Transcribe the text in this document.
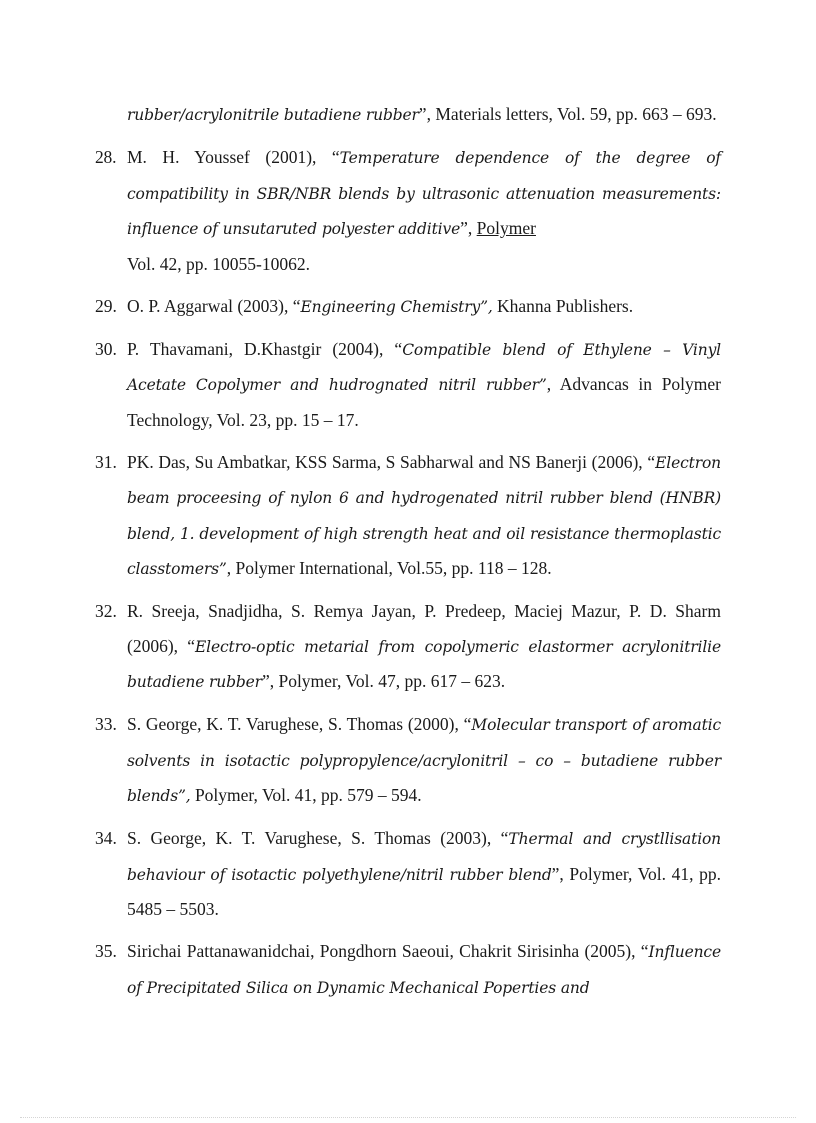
rubber/acrylonitrile butadiene rubber”, Materials letters, Vol. 59, pp. 663 – 693.
28. M. H. Youssef (2001), “Temperature dependence of the degree of compatibility in SBR/NBR blends by ultrasonic attenuation measurements: influence of unsutaruted polyester additive”, Polymer
Vol. 42, pp. 10055-10062.
29. O. P. Aggarwal (2003), “Engineering Chemistry”, Khanna Publishers.
30. P. Thavamani, D.Khastgir (2004), “Compatible blend of Ethylene – Vinyl Acetate Copolymer and hudrognated nitril rubber”, Advancas in Polymer Technology, Vol. 23, pp. 15 – 17.
31. PK. Das, Su Ambatkar, KSS Sarma, S Sabharwal and NS Banerji (2006), “Electron beam proceesing of nylon 6 and hydrogenated nitril rubber blend (HNBR) blend, 1. development of high strength heat and oil resistance thermoplastic classtomers”, Polymer International, Vol.55, pp. 118 – 128.
32. R. Sreeja, Snadjidha, S. Remya Jayan, P. Predeep, Maciej Mazur, P. D. Sharm (2006), “Electro-optic metarial from copolymeric elastormer acrylonitrilie butadiene rubber”, Polymer, Vol. 47, pp. 617 – 623.
33. S. George, K. T. Varughese, S. Thomas (2000), “Molecular transport of aromatic solvents in isotactic polypropylence/acrylonitril – co – butadiene rubber blends”, Polymer, Vol. 41, pp. 579 – 594.
34. S. George, K. T. Varughese, S. Thomas (2003), “Thermal and crystllisation behaviour of isotactic polyethylene/nitril rubber blend”, Polymer, Vol. 41, pp. 5485 – 5503.
35. Sirichai Pattanawanidchai, Pongdhorn Saeoui, Chakrit Sirisinha (2005), “Influence of Precipitated Silica on Dynamic Mechanical Poperties and
